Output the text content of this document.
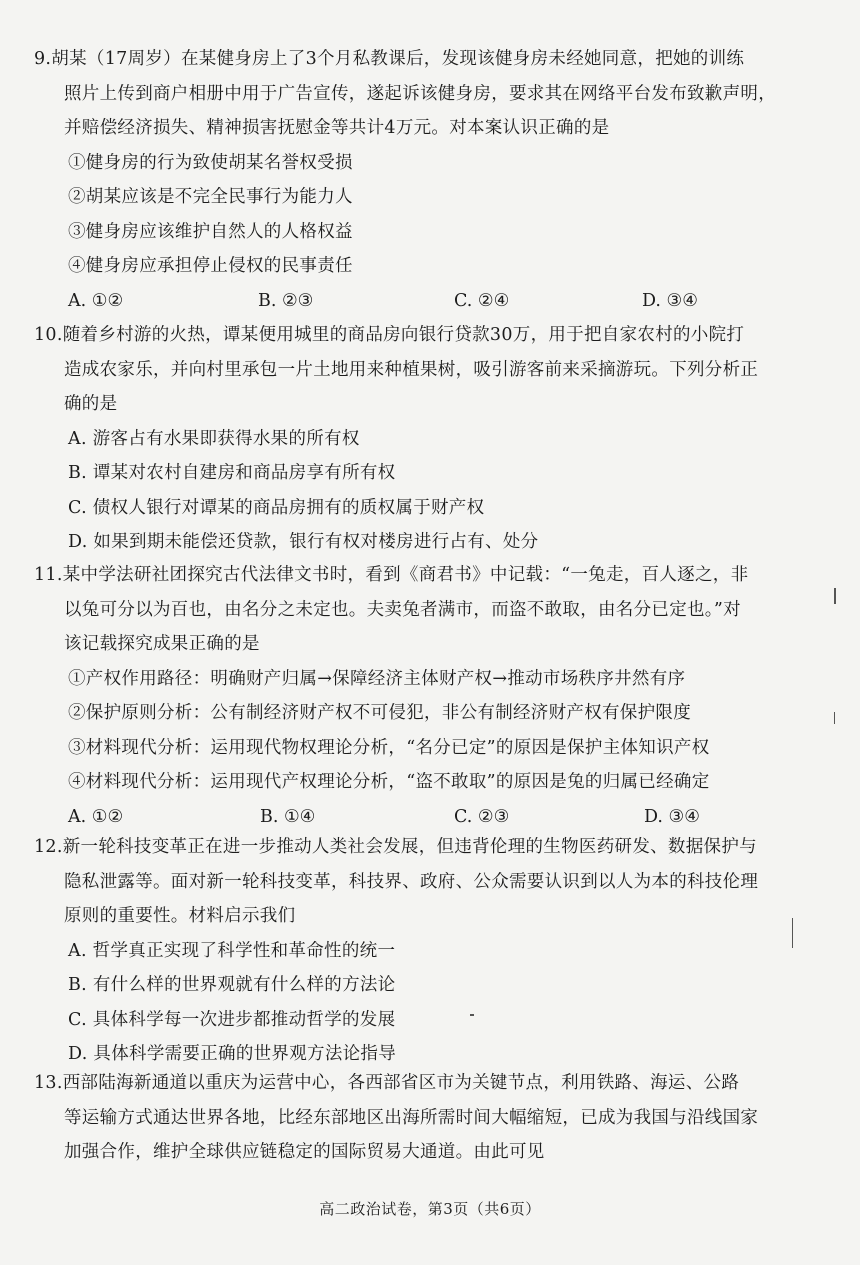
9.胡某（17周岁）在某健身房上了3个月私教课后，发现该健身房未经她同意，把她的训练
照片上传到商户相册中用于广告宣传，遂起诉该健身房，要求其在网络平台发布致歉声明，
并赔偿经济损失、精神损害抚慰金等共计4万元。对本案认识正确的是
①健身房的行为致使胡某名誉权受损
②胡某应该是不完全民事行为能力人
③健身房应该维护自然人的人格权益
④健身房应承担停止侵权的民事责任
A. ①②	B. ②③	C. ②④	D. ③④
10.随着乡村游的火热，谭某便用城里的商品房向银行贷款30万，用于把自家农村的小院打
造成农家乐，并向村里承包一片土地用来种植果树，吸引游客前来采摘游玩。下列分析正
确的是
A. 游客占有水果即获得水果的所有权
B. 谭某对农村自建房和商品房享有所有权
C. 债权人银行对谭某的商品房拥有的质权属于财产权
D. 如果到期未能偿还贷款，银行有权对楼房进行占有、处分
11.某中学法研社团探究古代法律文书时，看到《商君书》中记载：“一兔走，百人逐之，非
以兔可分以为百也，由名分之未定也。夫卖兔者满市，而盗不敢取，由名分已定也。”对
该记载探究成果正确的是
①产权作用路径：明确财产归属→保障经济主体财产权→推动市场秩序井然有序
②保护原则分析：公有制经济财产权不可侵犯，非公有制经济财产权有保护限度
③材料现代分析：运用现代物权理论分析，“名分已定”的原因是保护主体知识产权
④材料现代分析：运用现代产权理论分析，“盗不敢取”的原因是兔的归属已经确定
A. ①②	B. ①④	C. ②③	D. ③④
12.新一轮科技变革正在进一步推动人类社会发展，但违背伦理的生物医药研发、数据保护与
隐私泄露等。面对新一轮科技变革，科技界、政府、公众需要认识到以人为本的科技伦理
原则的重要性。材料启示我们
A. 哲学真正实现了科学性和革命性的统一
B. 有什么样的世界观就有什么样的方法论
C. 具体科学每一次进步都推动哲学的发展
D. 具体科学需要正确的世界观方法论指导
13.西部陆海新通道以重庆为运营中心，各西部省区市为关键节点，利用铁路、海运、公路
等运输方式通达世界各地，比经东部地区出海所需时间大幅缩短，已成为我国与沿线国家
加强合作，维护全球供应链稳定的国际贸易大通道。由此可见
高二政治试卷，第3页（共6页）
